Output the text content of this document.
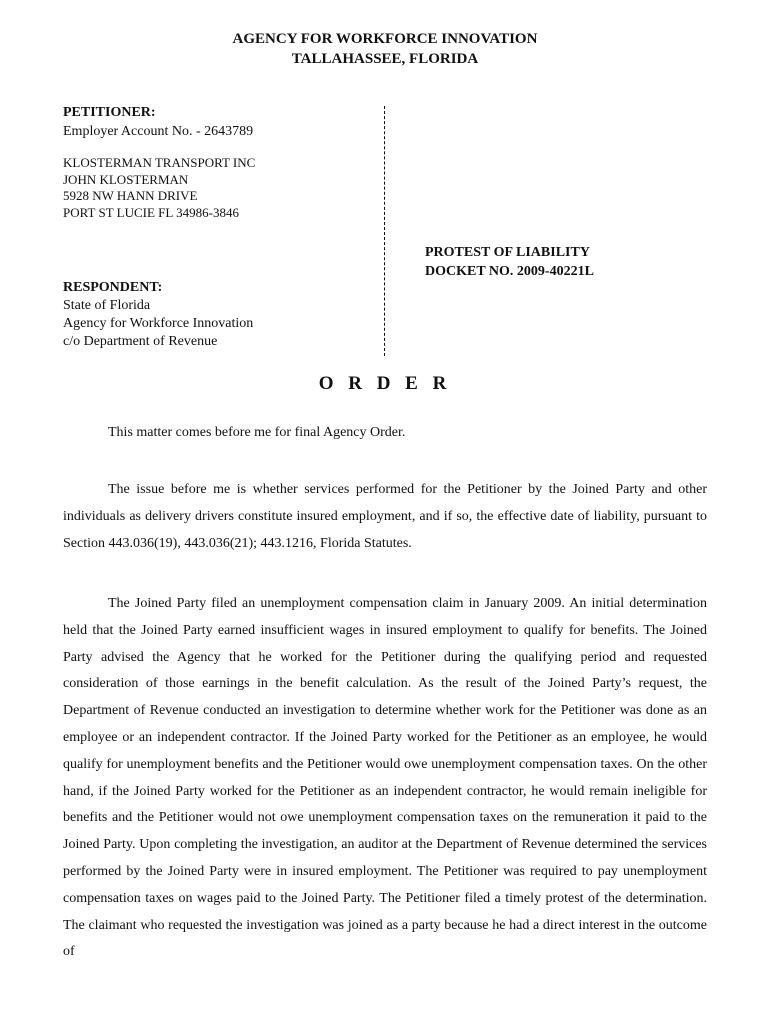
AGENCY FOR WORKFORCE INNOVATION
TALLAHASSEE, FLORIDA
PETITIONER:
Employer Account No. - 2643789
KLOSTERMAN TRANSPORT INC
JOHN KLOSTERMAN
5928 NW HANN DRIVE
PORT ST LUCIE FL 34986-3846
RESPONDENT:
State of Florida
Agency for Workforce Innovation
c/o Department of Revenue
PROTEST OF LIABILITY
DOCKET NO. 2009-40221L
O R D E R

This matter comes before me for final Agency Order.

The issue before me is whether services performed for the Petitioner by the Joined Party and other individuals as delivery drivers constitute insured employment, and if so, the effective date of liability, pursuant to Section 443.036(19), 443.036(21); 443.1216, Florida Statutes.

The Joined Party filed an unemployment compensation claim in January 2009. An initial determination held that the Joined Party earned insufficient wages in insured employment to qualify for benefits. The Joined Party advised the Agency that he worked for the Petitioner during the qualifying period and requested consideration of those earnings in the benefit calculation. As the result of the Joined Party’s request, the Department of Revenue conducted an investigation to determine whether work for the Petitioner was done as an employee or an independent contractor. If the Joined Party worked for the Petitioner as an employee, he would qualify for unemployment benefits and the Petitioner would owe unemployment compensation taxes. On the other hand, if the Joined Party worked for the Petitioner as an independent contractor, he would remain ineligible for benefits and the Petitioner would not owe unemployment compensation taxes on the remuneration it paid to the Joined Party. Upon completing the investigation, an auditor at the Department of Revenue determined the services performed by the Joined Party were in insured employment. The Petitioner was required to pay unemployment compensation taxes on wages paid to the Joined Party. The Petitioner filed a timely protest of the determination. The claimant who requested the investigation was joined as a party because he had a direct interest in the outcome of
